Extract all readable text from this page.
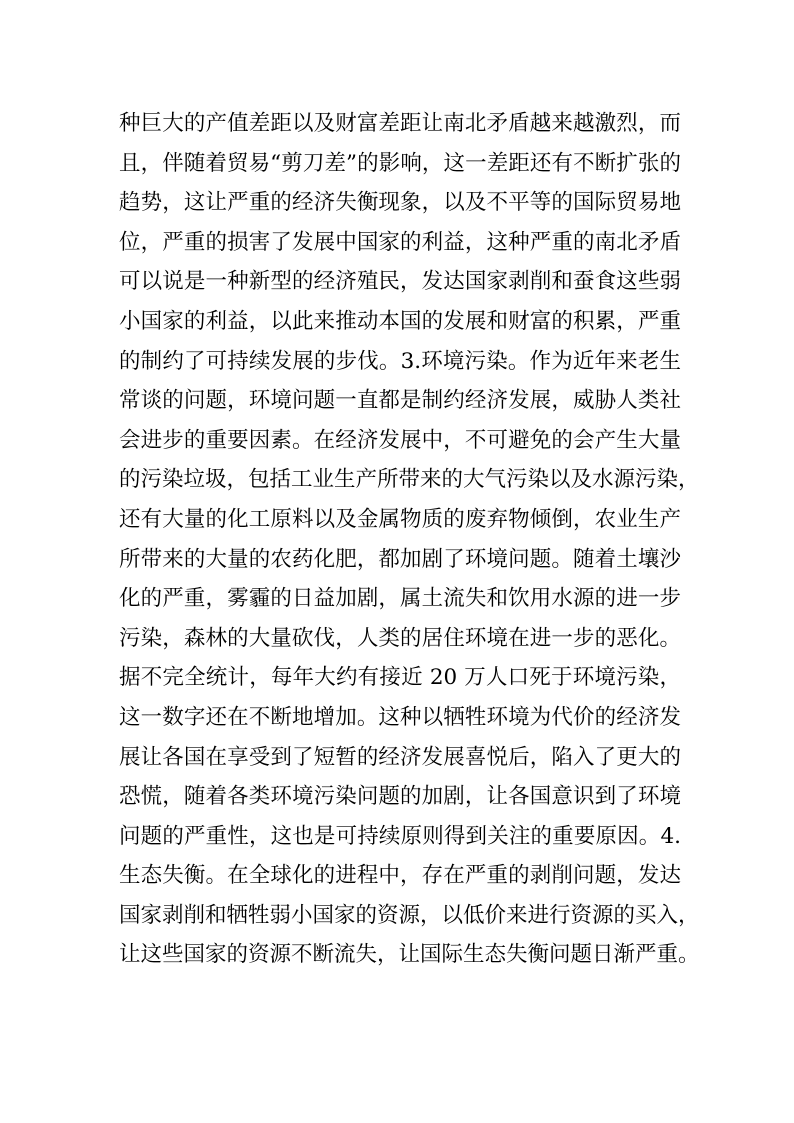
种巨大的产值差距以及财富差距让南北矛盾越来越激烈，而
且，伴随着贸易“剪刀差”的影响，这一差距还有不断扩张的
趋势，这让严重的经济失衡现象，以及不平等的国际贸易地
位，严重的损害了发展中国家的利益，这种严重的南北矛盾
可以说是一种新型的经济殖民，发达国家剥削和蚕食这些弱
小国家的利益，以此来推动本国的发展和财富的积累，严重
的制约了可持续发展的步伐。3.环境污染。作为近年来老生
常谈的问题，环境问题一直都是制约经济发展，威胁人类社
会进步的重要因素。在经济发展中，不可避免的会产生大量
的污染垃圾，包括工业生产所带来的大气污染以及水源污染，
还有大量的化工原料以及金属物质的废弃物倾倒，农业生产
所带来的大量的农药化肥，都加剧了环境问题。随着土壤沙
化的严重，雾霾的日益加剧，属土流失和饮用水源的进一步
污染，森林的大量砍伐，人类的居住环境在进一步的恶化。
据不完全统计，每年大约有接近 20 万人口死于环境污染，
这一数字还在不断地增加。这种以牺牲环境为代价的经济发
展让各国在享受到了短暂的经济发展喜悦后，陷入了更大的
恐慌，随着各类环境污染问题的加剧，让各国意识到了环境
问题的严重性，这也是可持续原则得到关注的重要原因。4.
生态失衡。在全球化的进程中，存在严重的剥削问题，发达
国家剥削和牺牲弱小国家的资源，以低价来进行资源的买入，
让这些国家的资源不断流失，让国际生态失衡问题日渐严重。
